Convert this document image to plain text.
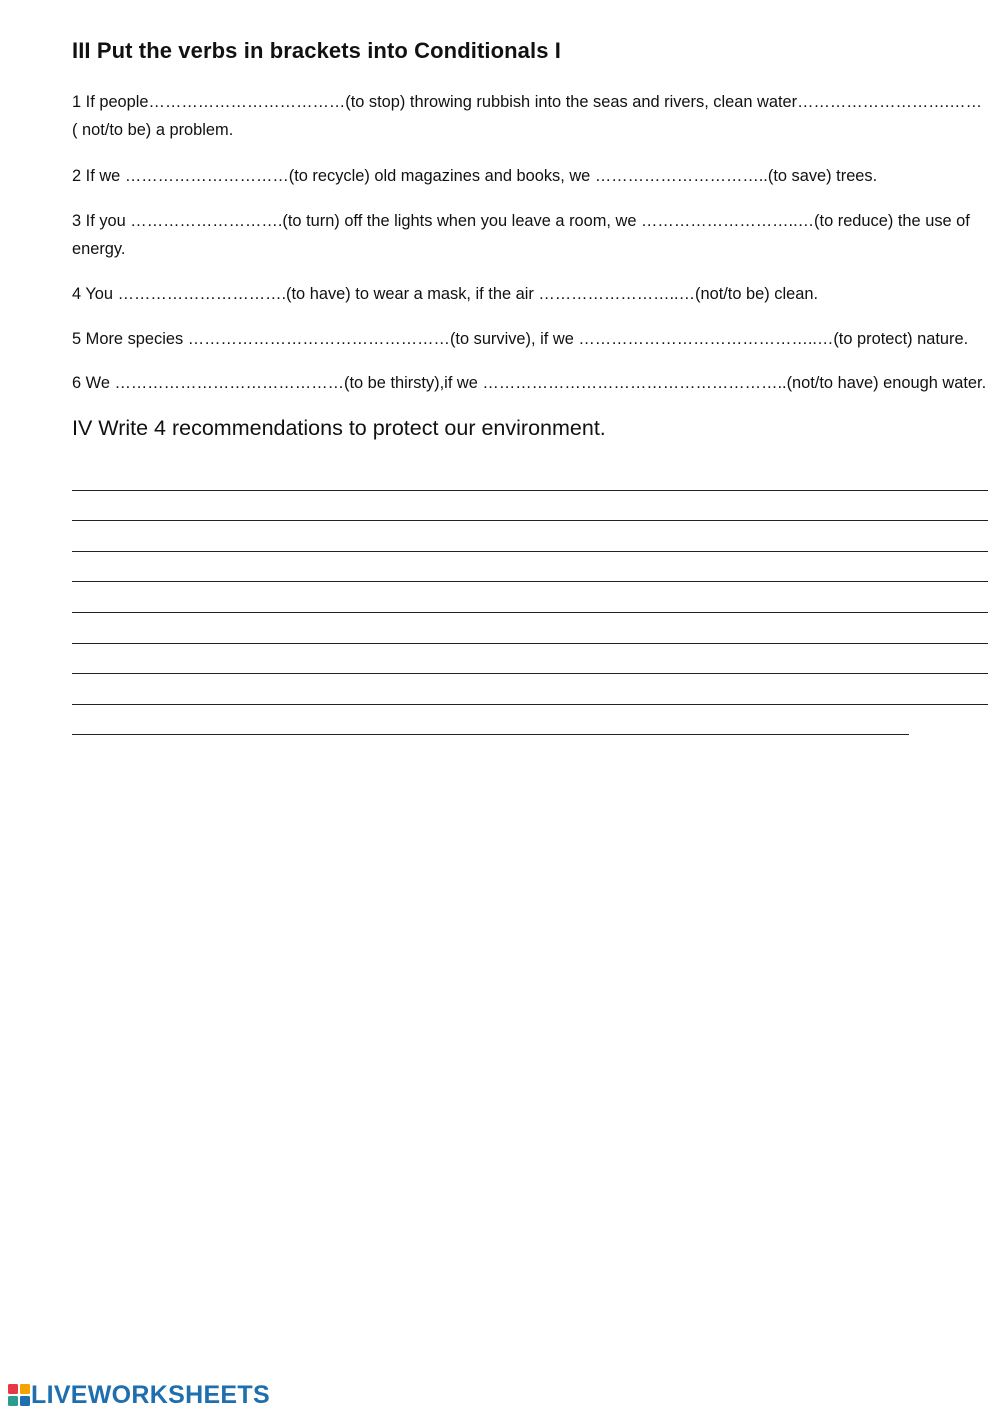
III Put the verbs in brackets into Conditionals I

1 If people………………………………(to stop) throwing rubbish into the seas and rivers, clean water……………………….…… ( not/to be) a problem.

2 If we …………………………(to recycle) old magazines and books, we …………………………..(to save) trees.

3 If you ……………………….(to turn) off the lights when you leave a room, we ………………………..…(to reduce) the use of energy.

4 You ………………………….(to have) to wear a mask, if the air ……………………..…(not/to be) clean.

5 More species …………………………………………(to survive), if we ……………………………………..…(to protect) nature.

6 We ……………………………………(to be thirsty),if we ………………………………………………..(not/to have) enough water.

IV Write 4 recommendations to protect our environment.
LIVEWORKSHEETS
